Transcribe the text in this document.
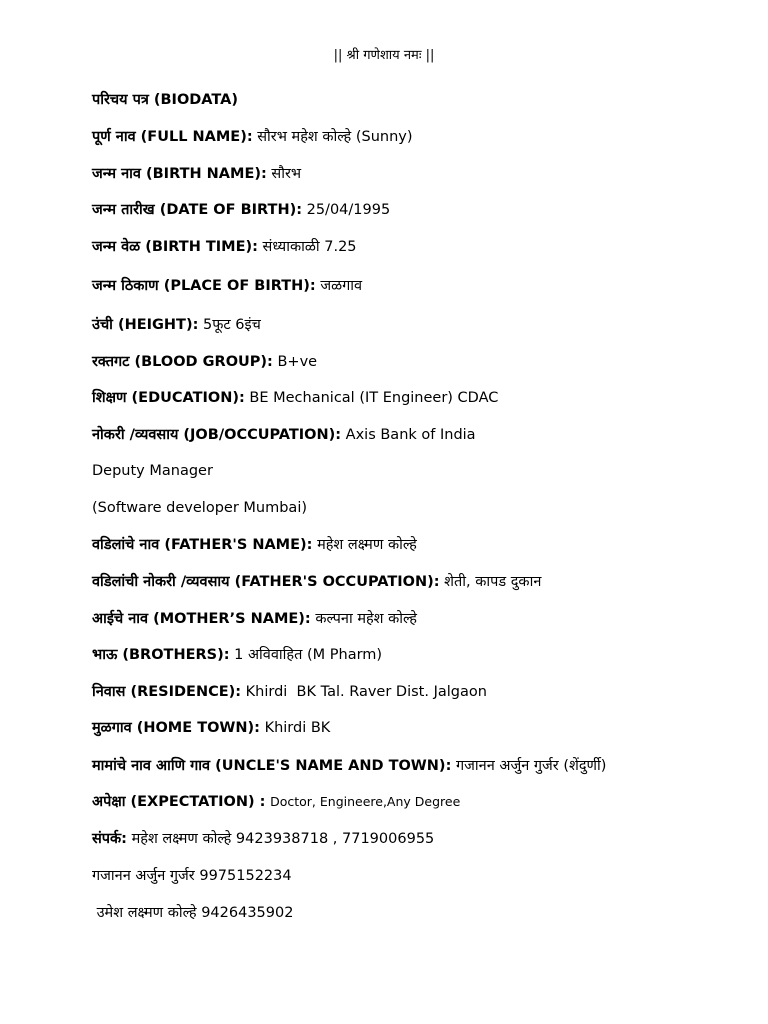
|| श्री गणेशाय नमः ||
परिचय पत्र (BIODATA)
पूर्ण नाव (FULL NAME): सौरभ महेश कोल्हे (Sunny)
जन्म नाव (BIRTH NAME): सौरभ
जन्म तारीख (DATE OF BIRTH): 25/04/1995
जन्म वेळ (BIRTH TIME): संध्याकाळी 7.25
जन्म ठिकाण (PLACE OF BIRTH): जळगाव
उंची (HEIGHT): 5फूट 6इंच
रक्तगट (BLOOD GROUP): B+ve
शिक्षण (EDUCATION): BE Mechanical (IT Engineer) CDAC
नोकरी /व्यवसाय (JOB/OCCUPATION): Axis Bank of India
Deputy Manager
(Software developer Mumbai)
वडिलांचे नाव (FATHER'S NAME): महेश लक्ष्मण कोल्हे
वडिलांची नोकरी /व्यवसाय (FATHER'S OCCUPATION): शेती, कापड दुकान
आईचे नाव (MOTHER’S NAME): कल्पना महेश कोल्हे
भाऊ (BROTHERS): 1 अविवाहित (M Pharm)
निवास (RESIDENCE): Khirdi  BK Tal. Raver Dist. Jalgaon
मुळगाव (HOME TOWN): Khirdi BK
मामांचे नाव आणि गाव (UNCLE'S NAME AND TOWN): गजानन अर्जुन गुर्जर (शेंदुर्णी)
अपेक्षा (EXPECTATION) : Doctor, Engineere,Any Degree
संपर्क: महेश लक्ष्मण कोल्हे 9423938718 , 7719006955
गजानन अर्जुन गुर्जर 9975152234
उमेश लक्ष्मण कोल्हे 9426435902
